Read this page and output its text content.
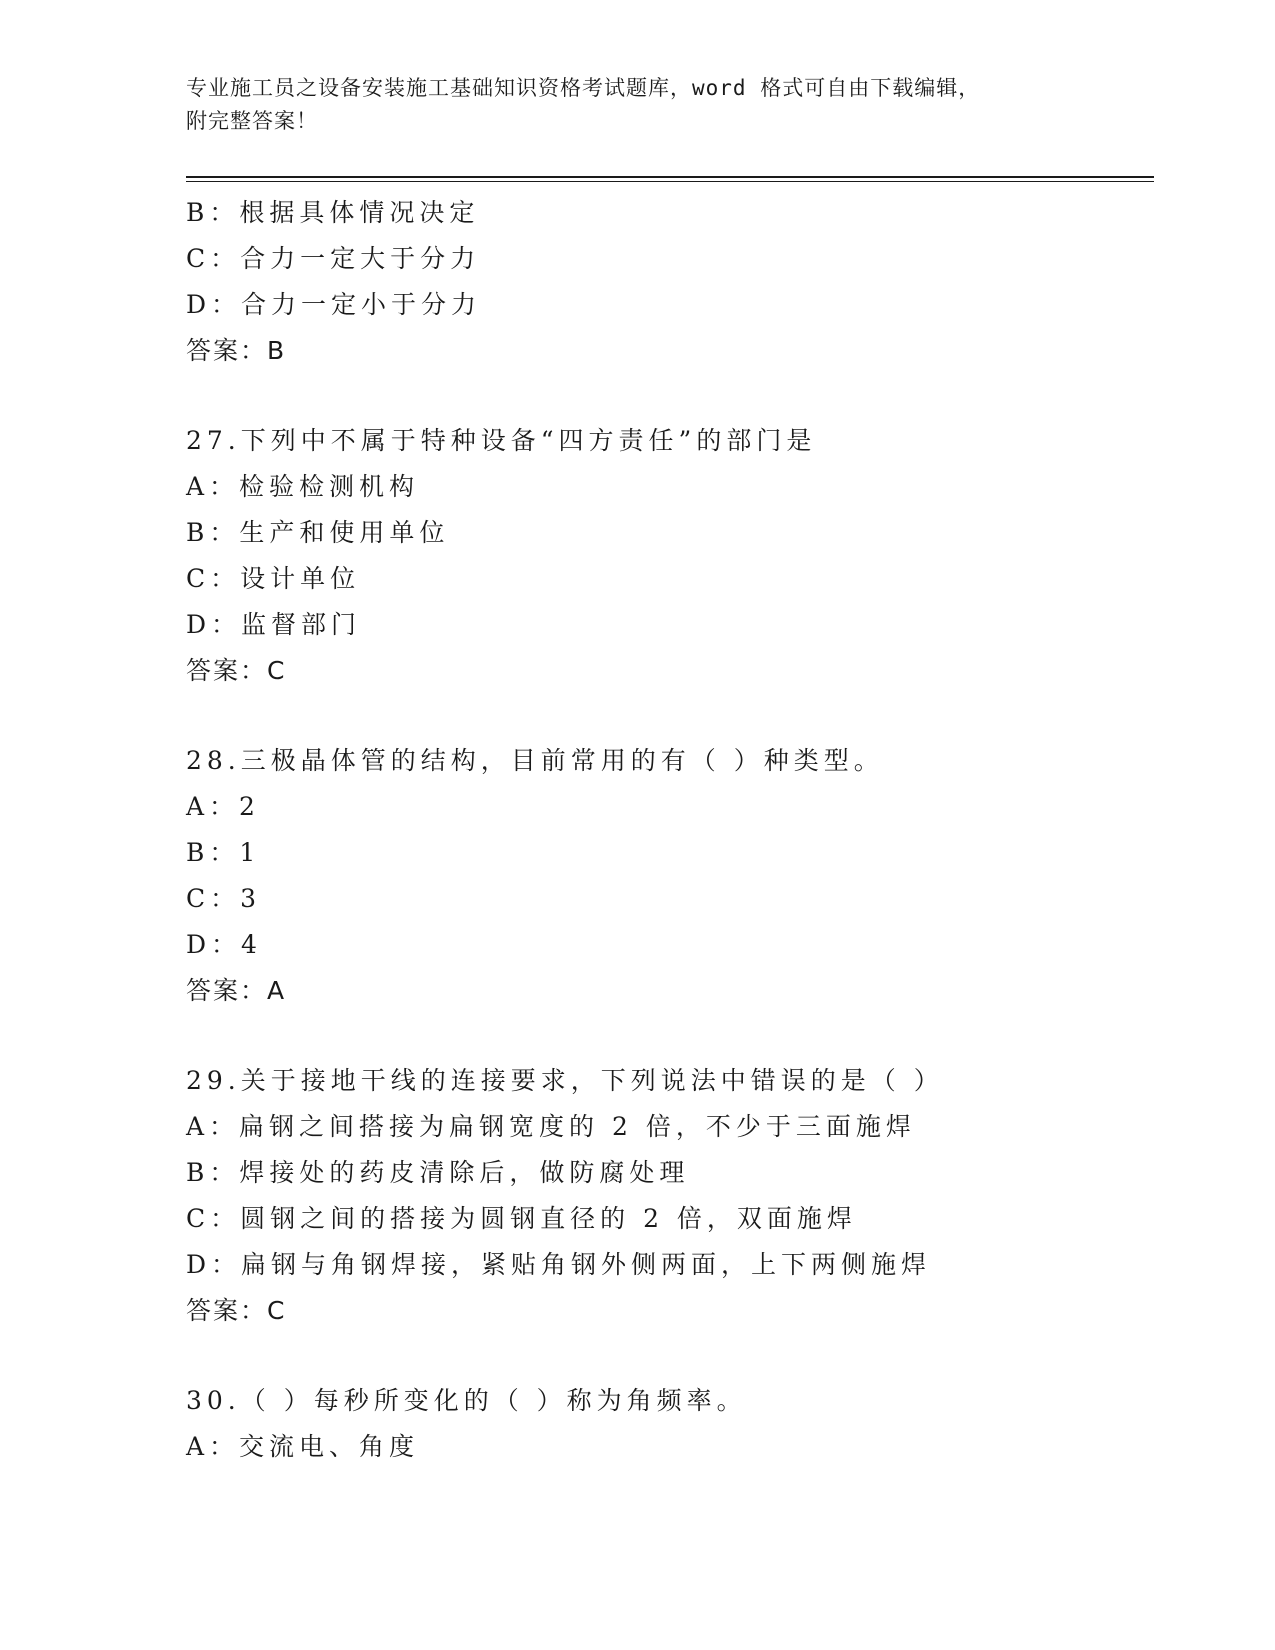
专业施工员之设备安装施工基础知识资格考试题库，word 格式可自由下载编辑，
附完整答案！
B：根据具体情况决定
C：合力一定大于分力
D：合力一定小于分力
答案：B
27.下列中不属于特种设备“四方责任”的部门是
A：检验检测机构
B：生产和使用单位
C：设计单位
D：监督部门
答案：C
28.三极晶体管的结构，目前常用的有（ ）种类型。
A：2
B：1
C：3
D：4
答案：A
29.关于接地干线的连接要求，下列说法中错误的是（ ）
A：扁钢之间搭接为扁钢宽度的 2 倍，不少于三面施焊
B：焊接处的药皮清除后，做防腐处理
C：圆钢之间的搭接为圆钢直径的 2 倍，双面施焊
D：扁钢与角钢焊接，紧贴角钢外侧两面，上下两侧施焊
答案：C
30.（ ）每秒所变化的（ ）称为角频率。
A：交流电、角度
